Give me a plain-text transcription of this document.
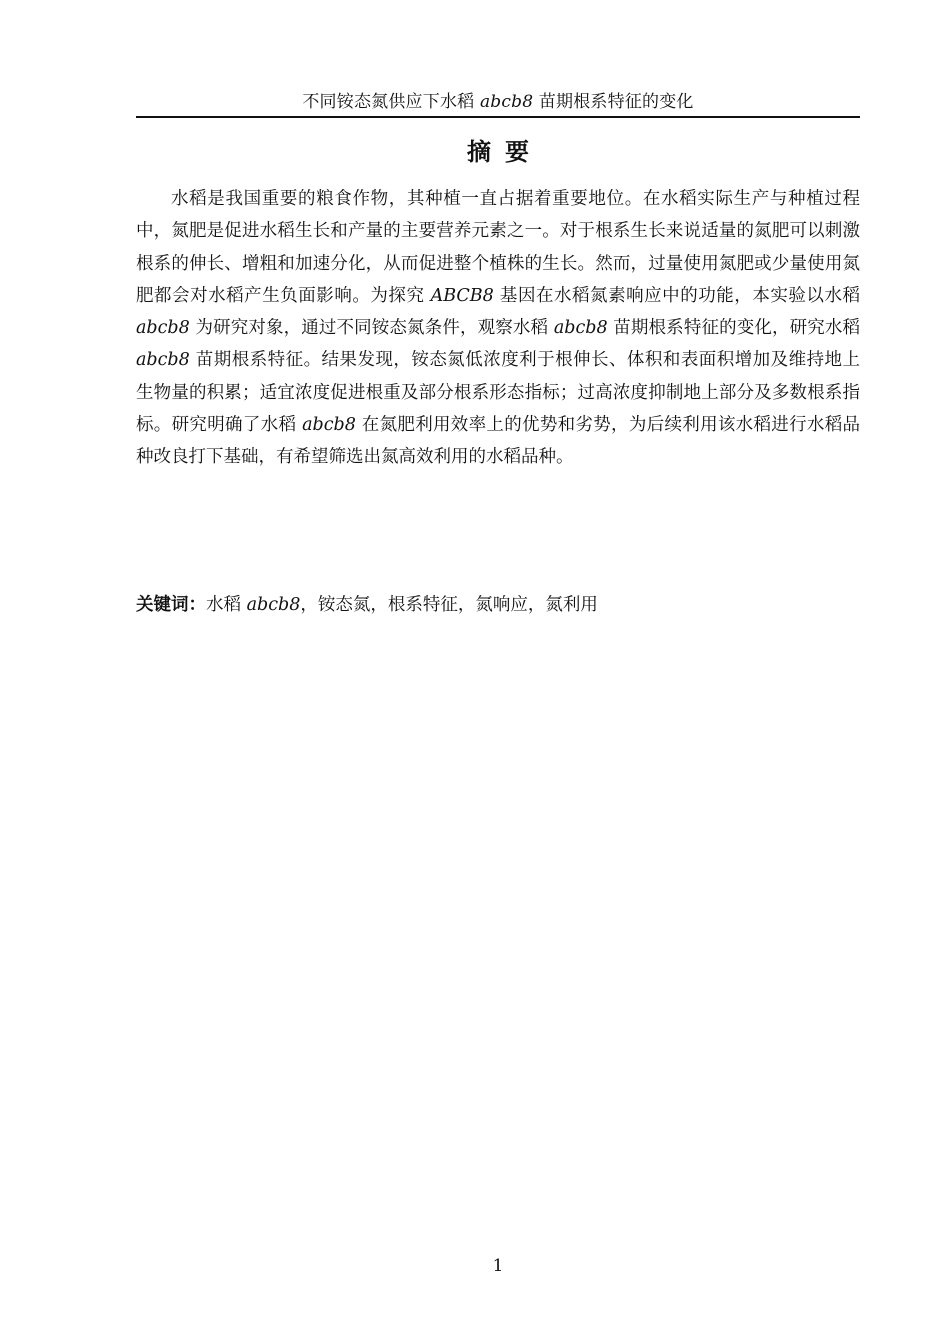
不同铵态氮供应下水稻 abcb8 苗期根系特征的变化
摘要

水稻是我国重要的粮食作物，其种植一直占据着重要地位。在水稻实际生产与种植过程中，氮肥是促进水稻生长和产量的主要营养元素之一。对于根系生长来说适量的氮肥可以刺激根系的伸长、增粗和加速分化，从而促进整个植株的生长。然而，过量使用氮肥或少量使用氮肥都会对水稻产生负面影响。为探究 ABCB8 基因在水稻氮素响应中的功能，本实验以水稻 abcb8 为研究对象，通过不同铵态氮条件，观察水稻 abcb8 苗期根系特征的变化，研究水稻 abcb8 苗期根系特征。结果发现，铵态氮低浓度利于根伸长、体积和表面积增加及维持地上生物量的积累；适宜浓度促进根重及部分根系形态指标；过高浓度抑制地上部分及多数根系指标。研究明确了水稻 abcb8 在氮肥利用效率上的优势和劣势，为后续利用该水稻进行水稻品种改良打下基础，有希望筛选出氮高效利用的水稻品种。

关键词：水稻 abcb8，铵态氮，根系特征，氮响应，氮利用

1
